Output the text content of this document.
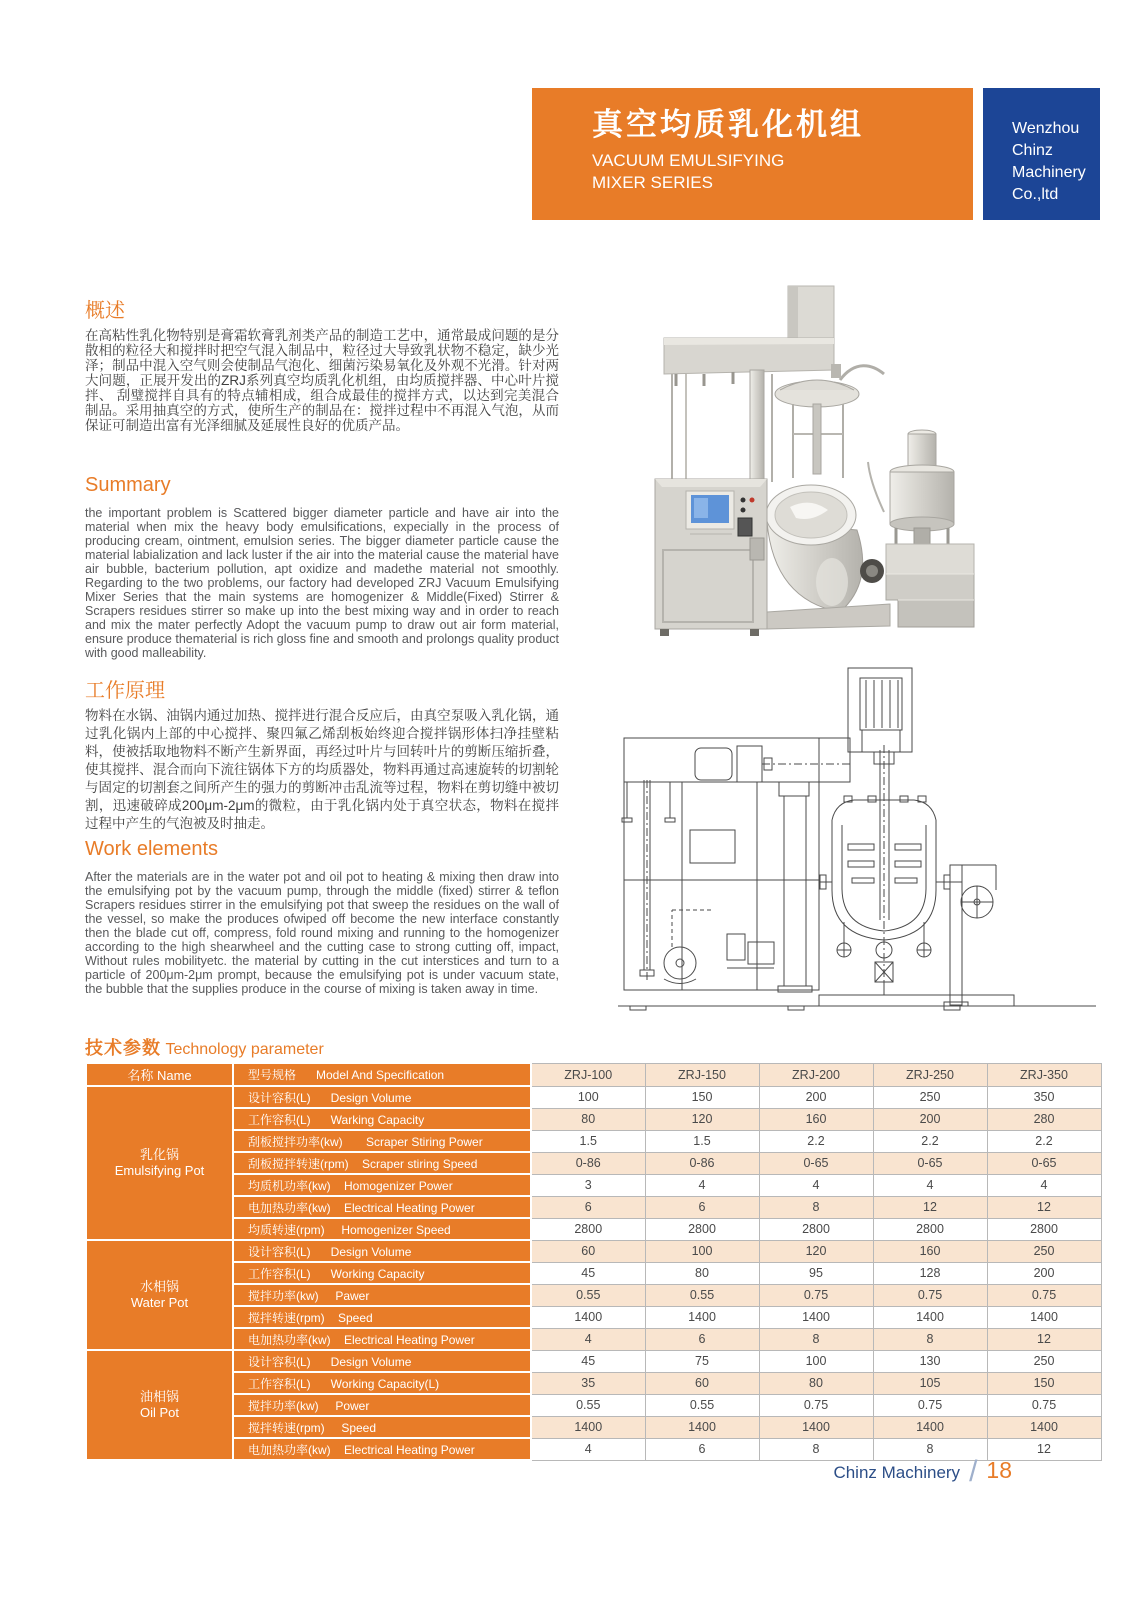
真空均质乳化机组
VACUUM EMULSIFYING
MIXER SERIES
Wenzhou
Chinz
Machinery
Co.,ltd
概述

在高粘性乳化物特别是膏霜软膏乳剂类产品的制造工艺中，通常最成问题的是分散相的粒径大和搅拌时把空气混入制品中，粒径过大导致乳状物不稳定，缺少光泽；制品中混入空气则会使制品气泡化、细菌污染易氧化及外观不光滑。针对两大问题，正展开发出的ZRJ系列真空均质乳化机组，由均质搅拌器、中心叶片搅拌、 刮璧搅拌自具有的特点辅相成，组合成最佳的搅拌方式，以达到完美混合制品。采用抽真空的方式，使所生产的制品在：搅拌过程中不再混入气泡，从而保证可制造出富有光泽细腻及延展性良好的优质产品。

Summary

the important problem is Scattered bigger diameter particle and have air into the material when mix the heavy body emulsifications, expecially in the process of producing cream, ointment, emulsion series. The bigger diameter particle cause the material labialization and lack luster if the air into the material cause the material have air bubble, bacterium pollution, apt oxidize and madethe material not smoothly. Regarding to the two problems, our factory had developed ZRJ Vacuum Emulsifying Mixer Series that the main systems are homogenizer & Middle(Fixed) Stirrer & Scrapers residues stirrer so make up into the best mixing way and in order to reach and mix the mater perfectly Adopt the vacuum pump to draw out air form material, ensure produce thematerial is rich gloss fine and smooth and prolongs quality product with good malleability.

工作原理

物料在水锅、油锅内通过加热、搅拌进行混合反应后，由真空泵吸入乳化锅，通过乳化锅内上部的中心搅拌、聚四氟乙烯刮板始终迎合搅拌锅形体扫净挂壁粘料，使被括取地物料不断产生新界面，再经过叶片与回转叶片的剪断压缩折叠，使其搅拌、混合而向下流往锅体下方的均质器处，物料再通过高速旋转的切割轮与固定的切割套之间所产生的强力的剪断冲击乱流等过程，物料在剪切缝中被切割，迅速破碎成200μm-2μm的微粒，由于乳化锅内处于真空状态，物料在搅拌过程中产生的气泡被及时抽走。

Work elements

After the materials are in the water pot and oil pot to heating & mixing then draw into the emulsifying pot by the vacuum pump, through the middle (fixed) stirrer & teflon Scrapers residues stirrer in the emulsifying pot that sweep the residues on the wall of the vessel, so make the produces ofwiped off become the new interface constantly then the blade cut off, compress, fold round mixing and running to the homogenizer according to the high shearwheel and the cutting case to strong cutting off, impact, Without rules mobilityetc. the material by cutting in the cut interstices and turn to a particle of 200μm-2μm prompt, because the emulsifying pot is under vacuum state, the bubble that the supplies produce in the course of mixing is taken away in time.

技术参数 Technology parameter
名称 Name	型号规格      Model And Specification	ZRJ-100	ZRJ-150	ZRJ-200	ZRJ-250	ZRJ-350

乳化锅
Emulsifying Pot	设计容积(L)      Design Volume	100	150	200	250	350
	工作容积(L)      Warking Capacity	80	120	160	200	280
	刮板搅拌功率(kw)       Scraper Stiring Power	1.5	1.5	2.2	2.2	2.2
	刮板搅拌转速(rpm)    Scraper stiring Speed	0-86	0-86	0-65	0-65	0-65
	均质机功率(kw)    Homogenizer Power	3	4	4	4	4
	电加热功率(kw)    Electrical Heating Power	6	6	8	12	12
	均质转速(rpm)     Homogenizer Speed	2800	2800	2800	2800	2800

水相锅
Water Pot	设计容积(L)      Design Volume	60	100	120	160	250
	工作容积(L)      Working Capacity	45	80	95	128	200
	搅拌功率(kw)     Pawer	0.55	0.55	0.75	0.75	0.75
	搅拌转速(rpm)    Speed	1400	1400	1400	1400	1400
	电加热功率(kw)    Electrical Heating Power	4	6	8	8	12

油相锅
Oil Pot	设计容积(L)      Design Volume	45	75	100	130	250
	工作容积(L)      Working Capacity(L)	35	60	80	105	150
	搅拌功率(kw)     Power	0.55	0.55	0.75	0.75	0.75
	搅拌转速(rpm)     Speed	1400	1400	1400	1400	1400
	电加热功率(kw)    Electrical Heating Power	4	6	8	8	12
Chinz Machinery / 18
